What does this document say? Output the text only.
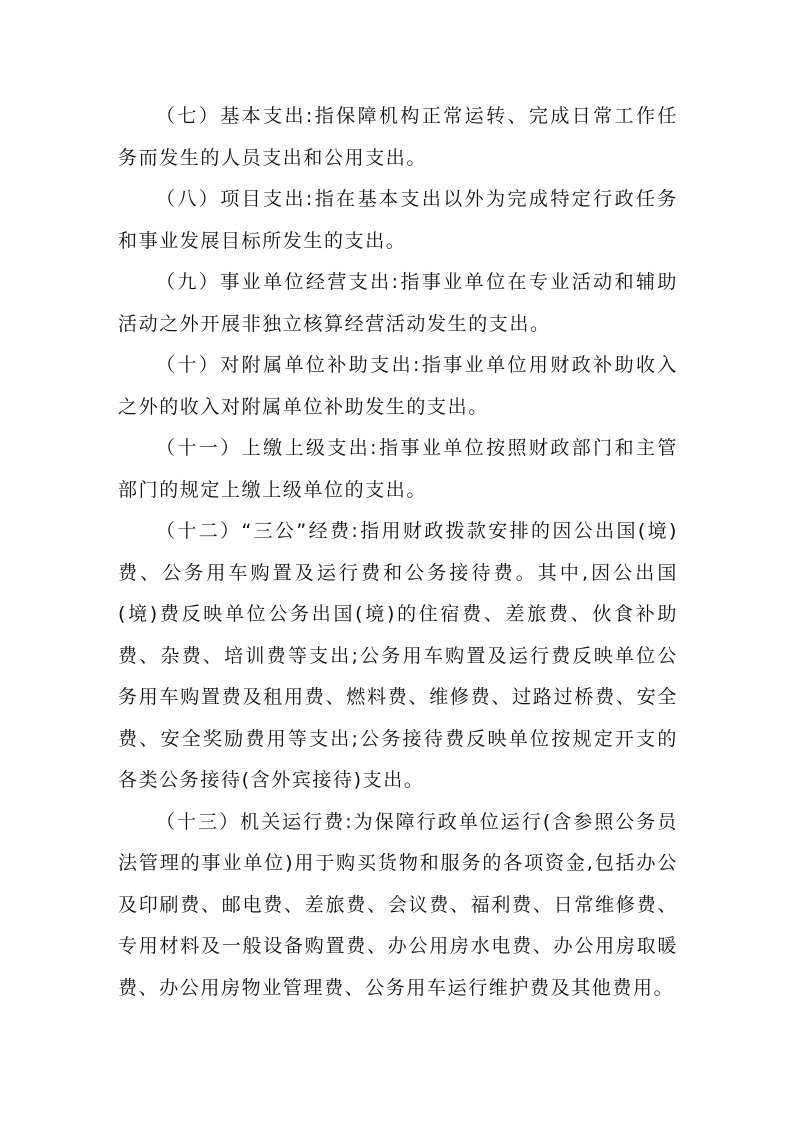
（七）基本支出:指保障机构正常运转、完成日常工作任务而发生的人员支出和公用支出。

（八）项目支出:指在基本支出以外为完成特定行政任务和事业发展目标所发生的支出。

（九）事业单位经营支出:指事业单位在专业活动和辅助活动之外开展非独立核算经营活动发生的支出。

（十）对附属单位补助支出:指事业单位用财政补助收入之外的收入对附属单位补助发生的支出。

（十一）上缴上级支出:指事业单位按照财政部门和主管部门的规定上缴上级单位的支出。

（十二）“三公”经费:指用财政拨款安排的因公出国(境)费、公务用车购置及运行费和公务接待费。其中,因公出国(境)费反映单位公务出国(境)的住宿费、差旅费、伙食补助费、杂费、培训费等支出;公务用车购置及运行费反映单位公务用车购置费及租用费、燃料费、维修费、过路过桥费、安全费、安全奖励费用等支出;公务接待费反映单位按规定开支的各类公务接待(含外宾接待)支出。

（十三）机关运行费:为保障行政单位运行(含参照公务员法管理的事业单位)用于购买货物和服务的各项资金,包括办公及印刷费、邮电费、差旅费、会议费、福利费、日常维修费、专用材料及一般设备购置费、办公用房水电费、办公用房取暖费、办公用房物业管理费、公务用车运行维护费及其他费用。
